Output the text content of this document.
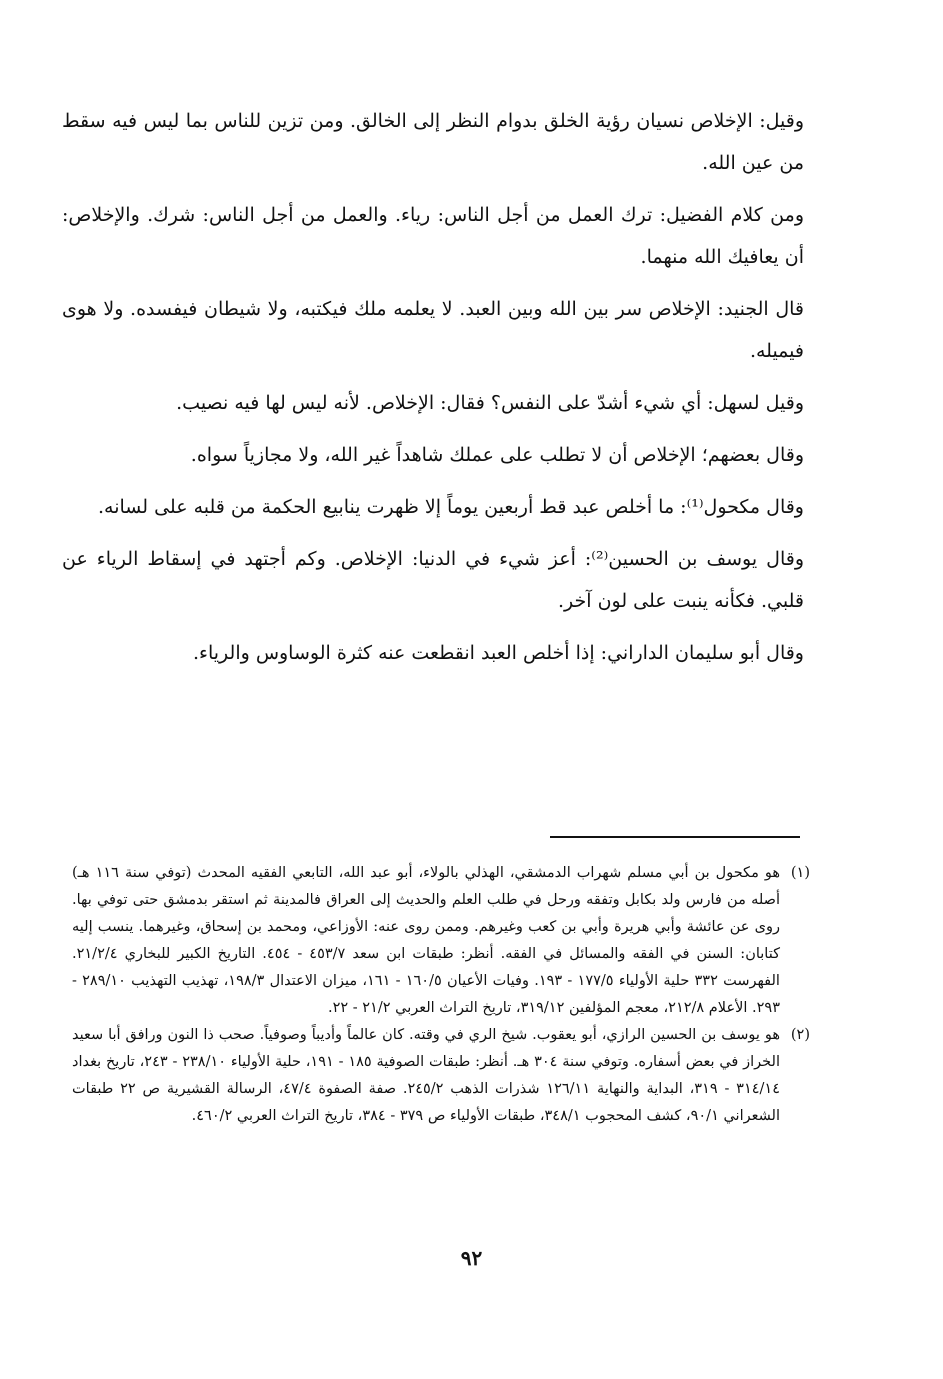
وقيل: الإخلاص نسيان رؤية الخلق بدوام النظر إلى الخالق. ومن تزين للناس بما ليس فيه سقط من عين الله.

ومن كلام الفضيل: ترك العمل من أجل الناس: رياء. والعمل من أجل الناس: شرك. والإخلاص: أن يعافيك الله منهما.

قال الجنيد: الإخلاص سر بين الله وبين العبد. لا يعلمه ملك فيكتبه، ولا شيطان فيفسده. ولا هوى فيميله.

وقيل لسهل: أي شيء أشدّ على النفس؟ فقال: الإخلاص. لأنه ليس لها فيه نصيب.

وقال بعضهم؛ الإخلاص أن لا تطلب على عملك شاهداً غير الله، ولا مجازياً سواه.

وقال مكحول⁽¹⁾: ما أخلص عبد قط أربعين يوماً إلا ظهرت ينابيع الحكمة من قلبه على لسانه.

وقال يوسف بن الحسين⁽²⁾: أعز شيء في الدنيا: الإخلاص. وكم أجتهد في إسقاط الرياء عن قلبي. فكأنه ينبت على لون آخر.

وقال أبو سليمان الداراني: إذا أخلص العبد انقطعت عنه كثرة الوساوس والرياء.

(١)
هو مكحول بن أبي مسلم شهراب الدمشقي، الهذلي بالولاء، أبو عبد الله، التابعي الفقيه المحدث (توفي سنة ١١٦ هـ) أصله من فارس ولد بكابل وتفقه ورحل في طلب العلم والحديث إلى العراق فالمدينة ثم استقر بدمشق حتى توفي بها. روى عن عائشة وأبي هريرة وأبي بن كعب وغيرهم. وممن روى عنه: الأوزاعي، ومحمد بن إسحاق، وغيرهما. ينسب إليه كتابان: السنن في الفقه والمسائل في الفقه. أنظر: طبقات ابن سعد ٤٥٣/٧ - ٤٥٤. التاريخ الكبير للبخاري ٢١/٢/٤. الفهرست ٣٣٢ حلية الأولياء ١٧٧/٥ - ١٩٣. وفيات الأعيان ١٦٠/٥ - ١٦١، ميزان الاعتدال ١٩٨/٣، تهذيب التهذيب ٢٨٩/١٠ - ٢٩٣. الأعلام ٢١٢/٨، معجم المؤلفين ٣١٩/١٢، تاريخ التراث العربي ٢١/٢ - ٢٢.
(٢)
هو يوسف بن الحسين الرازي، أبو يعقوب. شيخ الري في وقته. كان عالماً وأديباً وصوفياً. صحب ذا النون ورافق أبا سعيد الخراز في بعض أسفاره. وتوفي سنة ٣٠٤ هـ. أنظر: طبقات الصوفية ١٨٥ - ١٩١، حلية الأولياء ٢٣٨/١٠ - ٢٤٣، تاريخ بغداد ٣١٤/١٤ - ٣١٩، البداية والنهاية ١٢٦/١١ شذرات الذهب ٢٤٥/٢. صفة الصفوة ٤٧/٤، الرسالة القشيرية ص ٢٢ طبقات الشعراني ٩٠/١، كشف المحجوب ٣٤٨/١، طبقات الأولياء ص ٣٧٩ - ٣٨٤، تاريخ التراث العربي ٤٦٠/٢.
٩٢
